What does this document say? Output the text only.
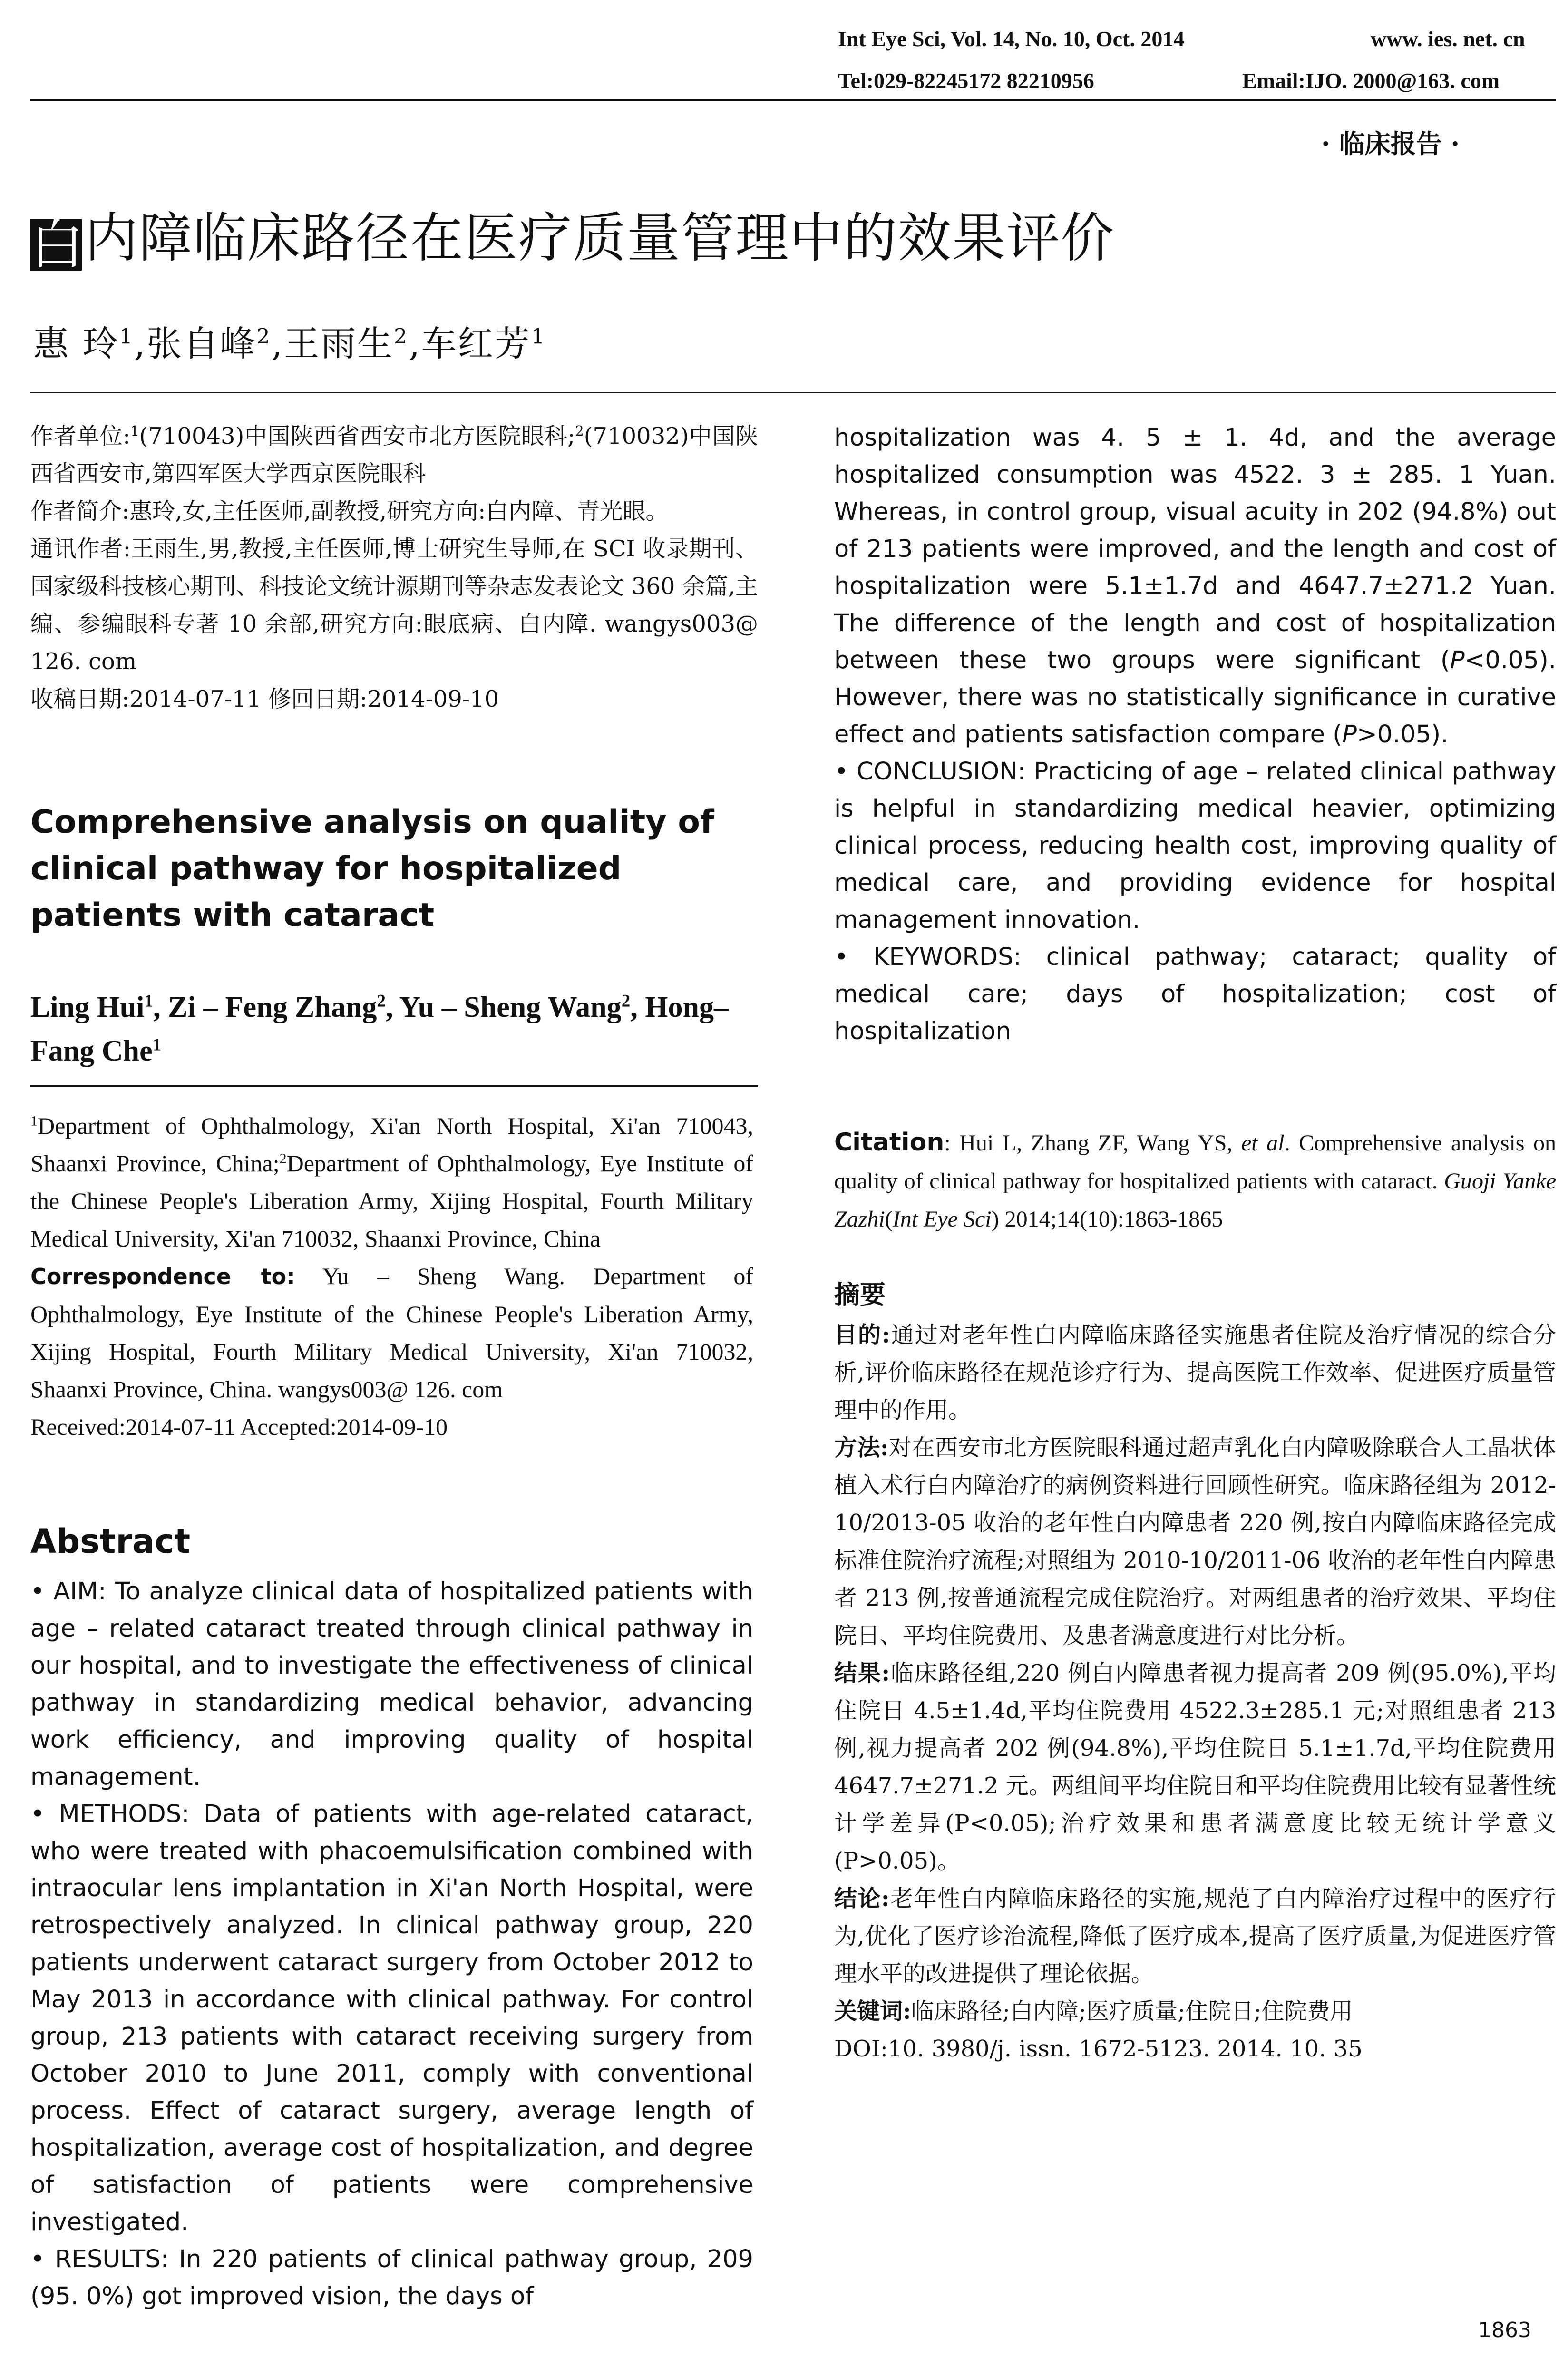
Int Eye Sci, Vol. 14, No. 10, Oct. 2014	www. ies. net. cn
Tel:029-82245172 82210956	Email:IJO. 2000@163. com
· 临床报告 ·
白内障临床路径在医疗质量管理中的效果评价
惠 玲$^1$,张自峰$^2$,王雨生$^2$,车红芳$^1$

作者单位:$^1$(710043)中国陕西省西安市北方医院眼科;$^2$(710032)中国陕西省西安市,第四军医大学西京医院眼科

作者简介:惠玲,女,主任医师,副教授,研究方向:白内障、青光眼。

通讯作者:王雨生,男,教授,主任医师,博士研究生导师,在 SCI 收录期刊、国家级科技核心期刊、科技论文统计源期刊等杂志发表论文 360 余篇,主编、参编眼科专著 10 余部,研究方向:眼底病、白内障. wangys003@ 126. com

收稿日期:2014-07-11 修回日期:2014-09-10

Comprehensive analysis on quality of clinical pathway for hospitalized patients with cataract
Ling Hui$^1$, Zi – Feng Zhang$^2$, Yu – Sheng Wang$^2$, Hong–Fang Che$^1$
$^1$Department of Ophthalmology, Xi'an North Hospital, Xi'an 710043, Shaanxi Province, China;$^2$Department of Ophthalmology, Eye Institute of the Chinese People's Liberation Army, Xijing Hospital, Fourth Military Medical University, Xi'an 710032, Shaanxi Province, China
Correspondence to: Yu – Sheng Wang. Department of Ophthalmology, Eye Institute of the Chinese People's Liberation Army, Xijing Hospital, Fourth Military Medical University, Xi'an 710032, Shaanxi Province, China. wangys003@ 126. com
Received:2014-07-11 Accepted:2014-09-10
Abstract

• AIM: To analyze clinical data of hospitalized patients with age – related cataract treated through clinical pathway in our hospital, and to investigate the effectiveness of clinical pathway in standardizing medical behavior, advancing work efficiency, and improving quality of hospital management.

• METHODS: Data of patients with age-related cataract, who were treated with phacoemulsification combined with intraocular lens implantation in Xi'an North Hospital, were retrospectively analyzed. In clinical pathway group, 220 patients underwent cataract surgery from October 2012 to May 2013 in accordance with clinical pathway. For control group, 213 patients with cataract receiving surgery from October 2010 to June 2011, comply with conventional process. Effect of cataract surgery, average length of hospitalization, average cost of hospitalization, and degree of satisfaction of patients were comprehensive investigated.

• RESULTS: In 220 patients of clinical pathway group, 209 (95. 0%) got improved vision, the days of

hospitalization was 4. 5 ± 1. 4d, and the average hospitalized consumption was 4522. 3 ± 285. 1 Yuan. Whereas, in control group, visual acuity in 202 (94.8%) out of 213 patients were improved, and the length and cost of hospitalization were 5.1±1.7d and 4647.7±271.2 Yuan. The difference of the length and cost of hospitalization between these two groups were significant (P<0.05). However, there was no statistically significance in curative effect and patients satisfaction compare (P>0.05).

• CONCLUSION: Practicing of age – related clinical pathway is helpful in standardizing medical heavier, optimizing clinical process, reducing health cost, improving quality of medical care, and providing evidence for hospital management innovation.

• KEYWORDS: clinical pathway; cataract; quality of medical care; days of hospitalization; cost of hospitalization

Citation: Hui L, Zhang ZF, Wang YS, et al. Comprehensive analysis on quality of clinical pathway for hospitalized patients with cataract. Guoji Yanke Zazhi(Int Eye Sci) 2014;14(10):1863-1865
摘要

目的:通过对老年性白内障临床路径实施患者住院及治疗情况的综合分析,评价临床路径在规范诊疗行为、提高医院工作效率、促进医疗质量管理中的作用。

方法:对在西安市北方医院眼科通过超声乳化白内障吸除联合人工晶状体植入术行白内障治疗的病例资料进行回顾性研究。临床路径组为 2012-10/2013-05 收治的老年性白内障患者 220 例,按白内障临床路径完成标准住院治疗流程;对照组为 2010-10/2011-06 收治的老年性白内障患者 213 例,按普通流程完成住院治疗。对两组患者的治疗效果、平均住院日、平均住院费用、及患者满意度进行对比分析。

结果:临床路径组,220 例白内障患者视力提高者 209 例(95.0%),平均住院日 4.5±1.4d,平均住院费用 4522.3±285.1 元;对照组患者 213 例,视力提高者 202 例(94.8%),平均住院日 5.1±1.7d,平均住院费用 4647.7±271.2 元。两组间平均住院日和平均住院费用比较有显著性统计学差异(P<0.05);治疗效果和患者满意度比较无统计学意义(P>0.05)。

结论:老年性白内障临床路径的实施,规范了白内障治疗过程中的医疗行为,优化了医疗诊治流程,降低了医疗成本,提高了医疗质量,为促进医疗管理水平的改进提供了理论依据。

关键词:临床路径;白内障;医疗质量;住院日;住院费用

DOI:10. 3980/j. issn. 1672-5123. 2014. 10. 35

1863
